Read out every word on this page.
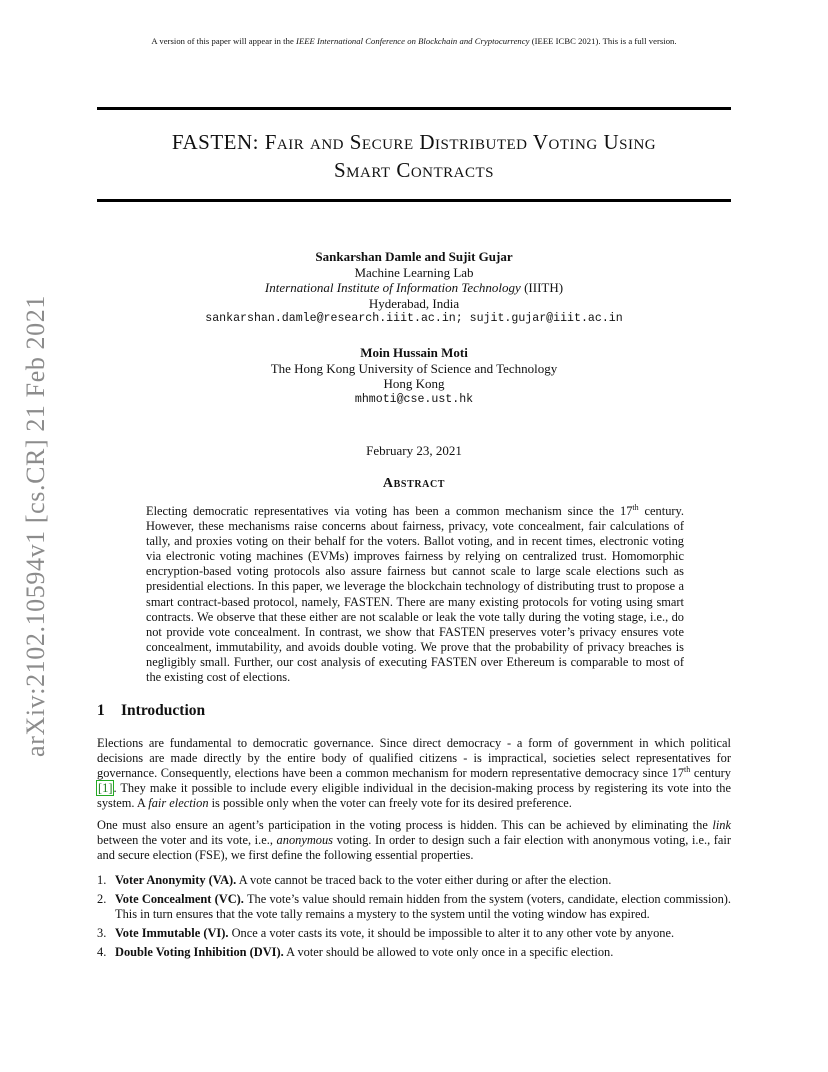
A version of this paper will appear in the IEEE International Conference on Blockchain and Cryptocurrency (IEEE ICBC 2021). This is a full version.
arXiv:2102.10594v1 [cs.CR] 21 Feb 2021
FASTEN: Fair and Secure Distributed Voting Using
Smart Contracts
Sankarshan Damle and Sujit Gujar
Machine Learning Lab
International Institute of Information Technology (IIITH)
Hyderabad, India
sankarshan.damle@research.iiit.ac.in; sujit.gujar@iiit.ac.in
Moin Hussain Moti
The Hong Kong University of Science and Technology
Hong Kong
mhmoti@cse.ust.hk
February 23, 2021
Abstract
Electing democratic representatives via voting has been a common mechanism since the 17th century. However, these mechanisms raise concerns about fairness, privacy, vote concealment, fair calculations of tally, and proxies voting on their behalf for the voters. Ballot voting, and in recent times, electronic voting via electronic voting machines (EVMs) improves fairness by relying on centralized trust. Homomorphic encryption-based voting protocols also assure fairness but cannot scale to large scale elections such as presidential elections. In this paper, we leverage the blockchain technology of distributing trust to propose a smart contract-based protocol, namely, FASTEN. There are many existing protocols for voting using smart contracts. We observe that these either are not scalable or leak the vote tally during the voting stage, i.e., do not provide vote concealment. In contrast, we show that FASTEN preserves voter’s privacy ensures vote concealment, immutability, and avoids double voting. We prove that the probability of privacy breaches is negligibly small. Further, our cost analysis of executing FASTEN over Ethereum is comparable to most of the existing cost of elections.
1 Introduction
Elections are fundamental to democratic governance. Since direct democracy - a form of government in which political decisions are made directly by the entire body of qualified citizens - is impractical, societies select representatives for governance. Consequently, elections have been a common mechanism for modern representative democracy since 17th century [1]. They make it possible to include every eligible individual in the decision-making process by registering its vote into the system. A fair election is possible only when the voter can freely vote for its desired preference.
One must also ensure an agent’s participation in the voting process is hidden. This can be achieved by eliminating the link between the voter and its vote, i.e., anonymous voting. In order to design such a fair election with anonymous voting, i.e., fair and secure election (FSE), we first define the following essential properties.
1. Voter Anonymity (VA). A vote cannot be traced back to the voter either during or after the election.
2. Vote Concealment (VC). The vote’s value should remain hidden from the system (voters, candidate, election commission). This in turn ensures that the vote tally remains a mystery to the system until the voting window has expired.
3. Vote Immutable (VI). Once a voter casts its vote, it should be impossible to alter it to any other vote by anyone.
4. Double Voting Inhibition (DVI). A voter should be allowed to vote only once in a specific election.
